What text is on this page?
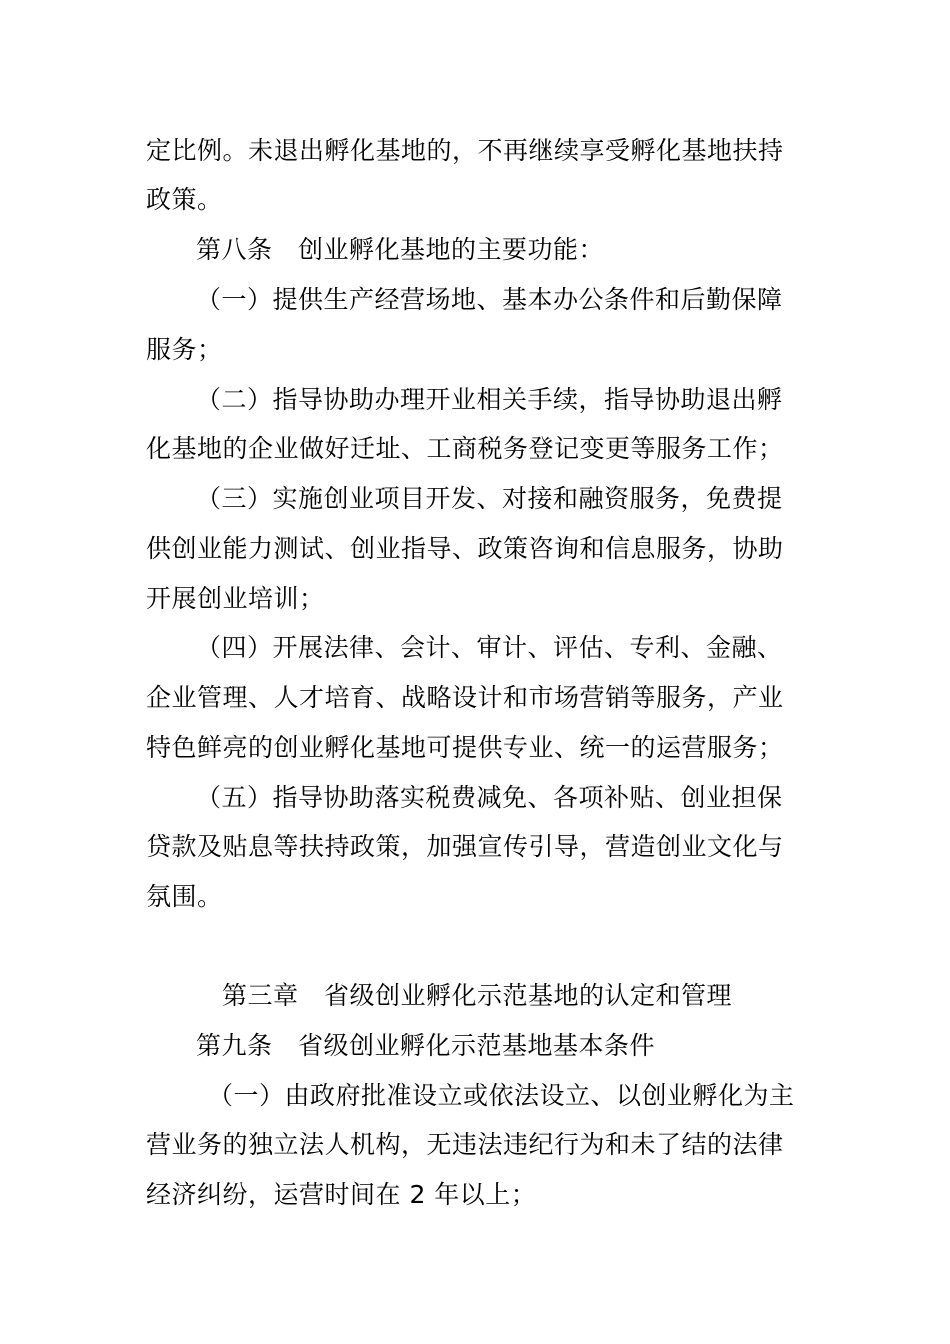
定比例。未退出孵化基地的，不再继续享受孵化基地扶持
政策。
第八条　创业孵化基地的主要功能：
（一）提供生产经营场地、基本办公条件和后勤保障
服务；
（二）指导协助办理开业相关手续，指导协助退出孵
化基地的企业做好迁址、工商税务登记变更等服务工作；
（三）实施创业项目开发、对接和融资服务，免费提
供创业能力测试、创业指导、政策咨询和信息服务，协助
开展创业培训；
（四）开展法律、会计、审计、评估、专利、金融、
企业管理、人才培育、战略设计和市场营销等服务，产业
特色鲜亮的创业孵化基地可提供专业、统一的运营服务；
（五）指导协助落实税费减免、各项补贴、创业担保
贷款及贴息等扶持政策，加强宣传引导，营造创业文化与
氛围。
第三章　省级创业孵化示范基地的认定和管理
第九条　省级创业孵化示范基地基本条件
（一）由政府批准设立或依法设立、以创业孵化为主
营业务的独立法人机构，无违法违纪行为和未了结的法律
经济纠纷，运营时间在 2 年以上；
